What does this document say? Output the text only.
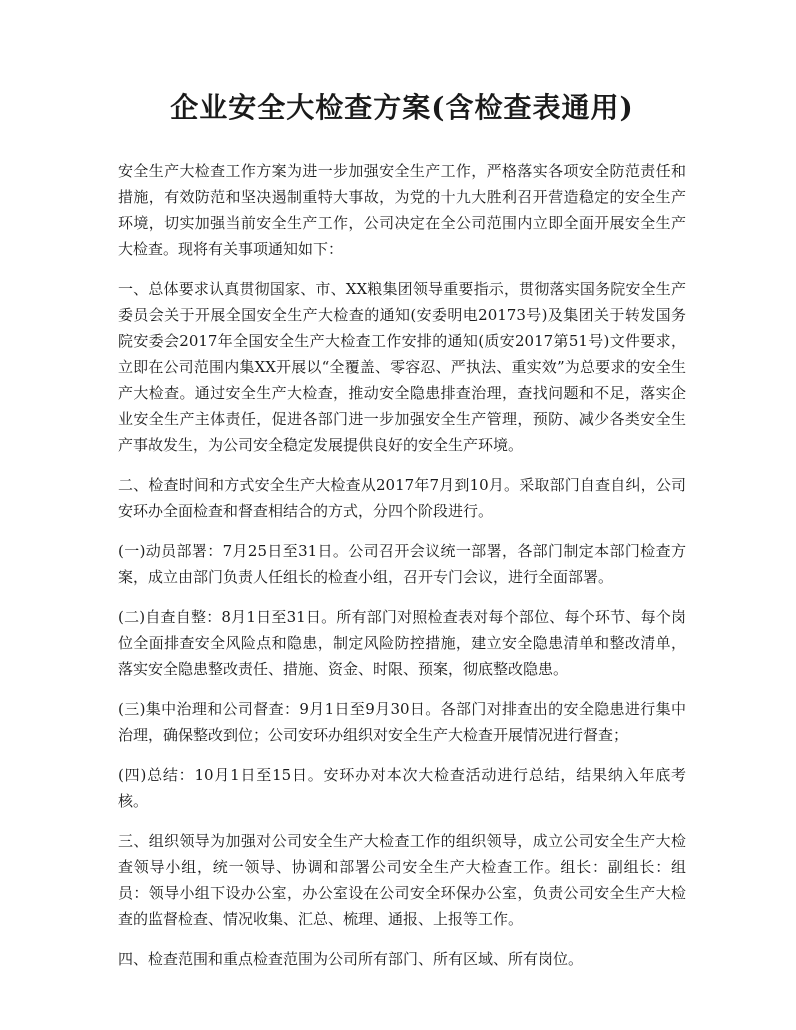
企业安全大检查方案(含检查表通用)

安全生产大检查工作方案为进一步加强安全生产工作，严格落实各项安全防范责任和措施，有效防范和坚决遏制重特大事故，为党的十九大胜利召开营造稳定的安全生产环境，切实加强当前安全生产工作，公司决定在全公司范围内立即全面开展安全生产大检查。现将有关事项通知如下：

一、总体要求认真贯彻国家、市、XX粮集团领导重要指示，贯彻落实国务院安全生产委员会关于开展全国安全生产大检查的通知(安委明电20173号)及集团关于转发国务院安委会2017年全国安全生产大检查工作安排的通知(质安2017第51号)文件要求，立即在公司范围内集XX开展以“全覆盖、零容忍、严执法、重实效”为总要求的安全生产大检查。通过安全生产大检查，推动安全隐患排查治理，查找问题和不足，落实企业安全生产主体责任，促进各部门进一步加强安全生产管理，预防、减少各类安全生产事故发生，为公司安全稳定发展提供良好的安全生产环境。

二、检查时间和方式安全生产大检查从2017年7月到10月。采取部门自查自纠，公司安环办全面检查和督查相结合的方式，分四个阶段进行。

(一)动员部署：7月25日至31日。公司召开会议统一部署，各部门制定本部门检查方案，成立由部门负责人任组长的检查小组，召开专门会议，进行全面部署。

(二)自查自整：8月1日至31日。所有部门对照检查表对每个部位、每个环节、每个岗位全面排查安全风险点和隐患，制定风险防控措施，建立安全隐患清单和整改清单，落实安全隐患整改责任、措施、资金、时限、预案，彻底整改隐患。

(三)集中治理和公司督查：9月1日至9月30日。各部门对排查出的安全隐患进行集中治理，确保整改到位；公司安环办组织对安全生产大检查开展情况进行督查；

(四)总结：10月1日至15日。安环办对本次大检查活动进行总结，结果纳入年底考核。

三、组织领导为加强对公司安全生产大检查工作的组织领导，成立公司安全生产大检查领导小组，统一领导、协调和部署公司安全生产大检查工作。组长：副组长：组员：领导小组下设办公室，办公室设在公司安全环保办公室，负责公司安全生产大检查的监督检查、情况收集、汇总、梳理、通报、上报等工作。

四、检查范围和重点检查范围为公司所有部门、所有区域、所有岗位。
